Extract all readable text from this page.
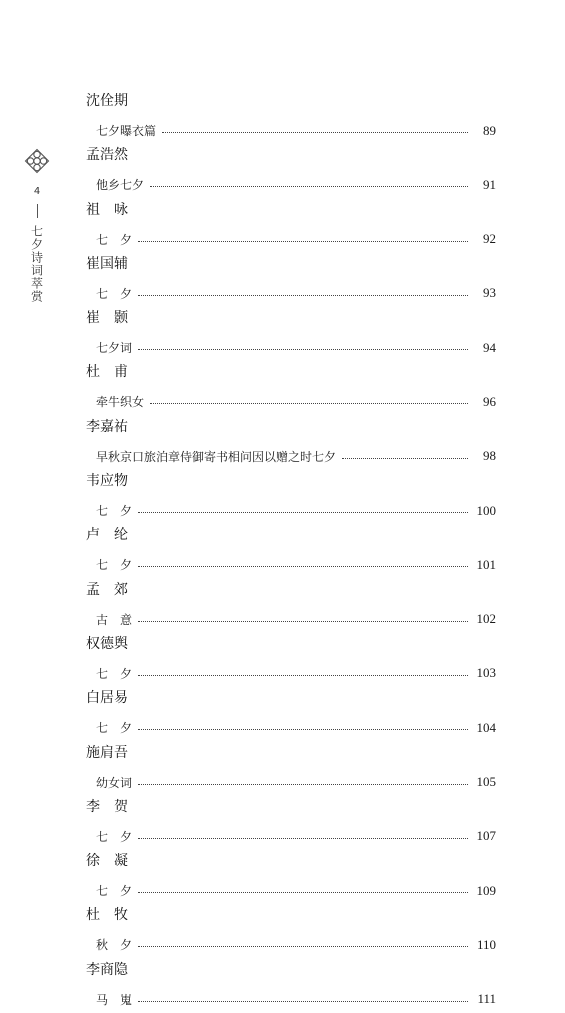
4
七夕诗词萃赏
沈佺期
七夕曝衣篇	89
孟浩然
他乡七夕	91
祖　咏
七　夕	92
崔国辅
七　夕	93
崔　颢
七夕词	94
杜　甫
牵牛织女	96
李嘉祐
早秋京口旅泊章侍御寄书相问因以赠之时七夕	98
韦应物
七　夕	100
卢　纶
七　夕	101
孟　郊
古　意	102
权德舆
七　夕	103
白居易
七　夕	104
施肩吾
幼女词	105
李　贺
七　夕	107
徐　凝
七　夕	109
杜　牧
秋　夕	110
李商隐
马　嵬	111
